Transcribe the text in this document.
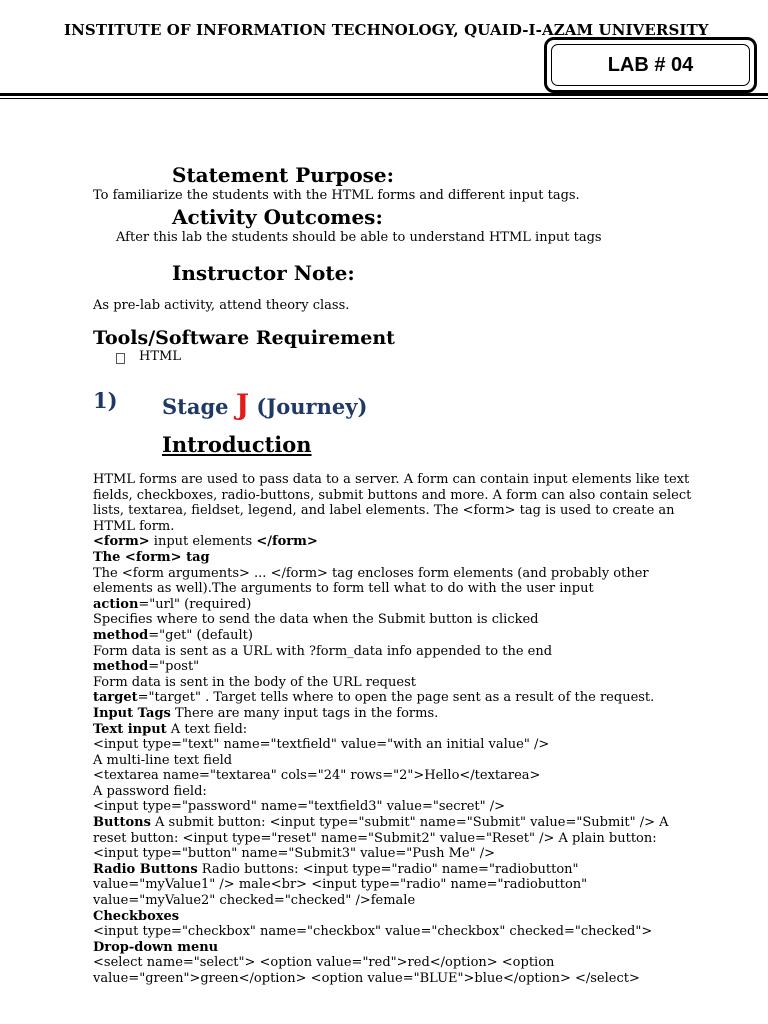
INSTITUTE OF INFORMATION TECHNOLOGY, QUAID-I-AZAM UNIVERSITY
LAB # 04
Statement Purpose:
To familiarize the students with the HTML forms and different input tags.
Activity Outcomes:
After this lab the students should be able to understand HTML input tags
Instructor Note:
As pre-lab activity, attend theory class.
Tools/Software Requirement
HTML
1) Stage J (Journey)
Introduction

HTML forms are used to pass data to a server. A form can contain input elements like text fields, checkboxes, radio-buttons, submit buttons and more. A form can also contain select lists, textarea, fieldset, legend, and label elements. The <form> tag is used to create an HTML form.

<form> input elements </form>

The <form> tag

The <form arguments> ... </form> tag encloses form elements (and probably other elements as well).The arguments to form tell what to do with the user input

action="url" (required)

Specifies where to send the data when the Submit button is clicked

method="get" (default)

Form data is sent as a URL with ?form_data info appended to the end

method="post"

Form data is sent in the body of the URL request

target="target" . Target tells where to open the page sent as a result of the request.

Input Tags There are many input tags in the forms.

Text input A text field:

<input type="text" name="textfield" value="with an initial value" />

A multi-line text field

<textarea name="textarea" cols="24" rows="2">Hello</textarea>

A password field:

<input type="password" name="textfield3" value="secret" />

Buttons A submit button: <input type="submit" name="Submit" value="Submit" /> A reset button: <input type="reset" name="Submit2" value="Reset" /> A plain button: <input type="button" name="Submit3" value="Push Me" />

Radio Buttons Radio buttons: <input type="radio" name="radiobutton" value="myValue1" /> male<br> <input type="radio" name="radiobutton" value="myValue2" checked="checked" />female

Checkboxes

<input type="checkbox" name="checkbox" value="checkbox" checked="checked">

Drop-down menu

<select name="select"> <option value="red">red</option> <option value="green">green</option> <option value="BLUE">blue</option> </select>
